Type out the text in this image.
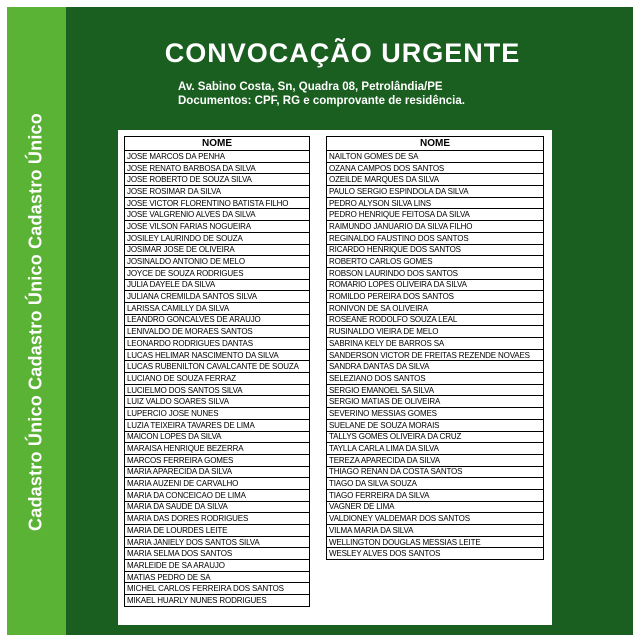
Cadastro Único Cadastro Único Cadastro Único
CONVOCAÇÃO URGENTE
Av. Sabino Costa, Sn, Quadra 08, Petrolândia/PE
Documentos: CPF, RG e comprovante de residência.
NOME
JOSE MARCOS DA PENHA
JOSE RENATO BARBOSA DA SILVA
JOSE ROBERTO DE SOUZA SILVA
JOSE ROSIMAR DA SILVA
JOSE VICTOR FLORENTINO BATISTA FILHO
JOSE VALGRENIO ALVES DA SILVA
JOSE VILSON FARIAS NOGUEIRA
JOSILEY LAURINDO DE SOUZA
JOSIMAR JOSE DE OLIVEIRA
JOSINALDO ANTONIO DE MELO
JOYCE DE SOUZA RODRIGUES
JULIA DAYELE DA SILVA
JULIANA CREMILDA SANTOS SILVA
LARISSA CAMILLY DA SILVA
LEANDRO GONCALVES DE ARAUJO
LENIVALDO DE MORAES SANTOS
LEONARDO RODRIGUES DANTAS
LUCAS HELIMAR NASCIMENTO DA SILVA
LUCAS RUBENILTON CAVALCANTE DE SOUZA
LUCIANO DE SOUZA FERRAZ
LUCIELMO DOS SANTOS SILVA
LUIZ VALDO SOARES SILVA
LUPERCIO JOSE NUNES
LUZIA TEIXEIRA TAVARES DE LIMA
MAICON LOPES DA SILVA
MARAISA HENRIQUE BEZERRA
MARCOS FERREIRA GOMES
MARIA APARECIDA DA SILVA
MARIA AUZENI DE CARVALHO
MARIA DA CONCEICAO DE LIMA
MARIA DA SAUDE DA SILVA
MARIA DAS DORES RODRIGUES
MARIA DE LOURDES LEITE
MARIA JANIELY DOS SANTOS SILVA
MARIA SELMA DOS SANTOS
MARLEIDE DE SA ARAUJO
MATIAS PEDRO DE SA
MICHEL CARLOS FERREIRA DOS SANTOS
MIKAEL HUARLY NUNES RODRIGUES
NOME
NAILTON GOMES DE SA
OZANA CAMPOS DOS SANTOS
OZEILDE MARQUES DA SILVA
PAULO SERGIO ESPINDOLA DA SILVA
PEDRO ALYSON SILVA LINS
PEDRO HENRIQUE FEITOSA DA SILVA
RAIMUNDO JANUARIO DA SILVA FILHO
REGINALDO FAUSTINO DOS SANTOS
RICARDO HENRIQUE DOS SANTOS
ROBERTO CARLOS GOMES
ROBSON LAURINDO DOS SANTOS
ROMARIO LOPES OLIVEIRA DA SILVA
ROMILDO PEREIRA DOS SANTOS
RONIVON DE SA OLIVEIRA
ROSEANE RODOLFO SOUZA LEAL
RUSINALDO VIEIRA DE MELO
SABRINA KELY DE BARROS SA
SANDERSON VICTOR DE FREITAS REZENDE NOVAES
SANDRA DANTAS DA SILVA
SELEZIANO DOS SANTOS
SERGIO EMANOEL SA SILVA
SERGIO MATIAS DE OLIVEIRA
SEVERINO MESSIAS GOMES
SUELANE DE SOUZA MORAIS
TALLYS GOMES OLIVEIRA DA CRUZ
TAYLLA CARLA LIMA DA SILVA
TEREZA APARECIDA DA SILVA
THIAGO RENAN DA COSTA SANTOS
TIAGO DA SILVA SOUZA
TIAGO FERREIRA DA SILVA
VAGNER DE LIMA
VALDIONEY VALDEMAR DOS SANTOS
VILMA MARIA DA SILVA
WELLINGTON DOUGLAS MESSIAS LEITE
WESLEY ALVES DOS SANTOS
